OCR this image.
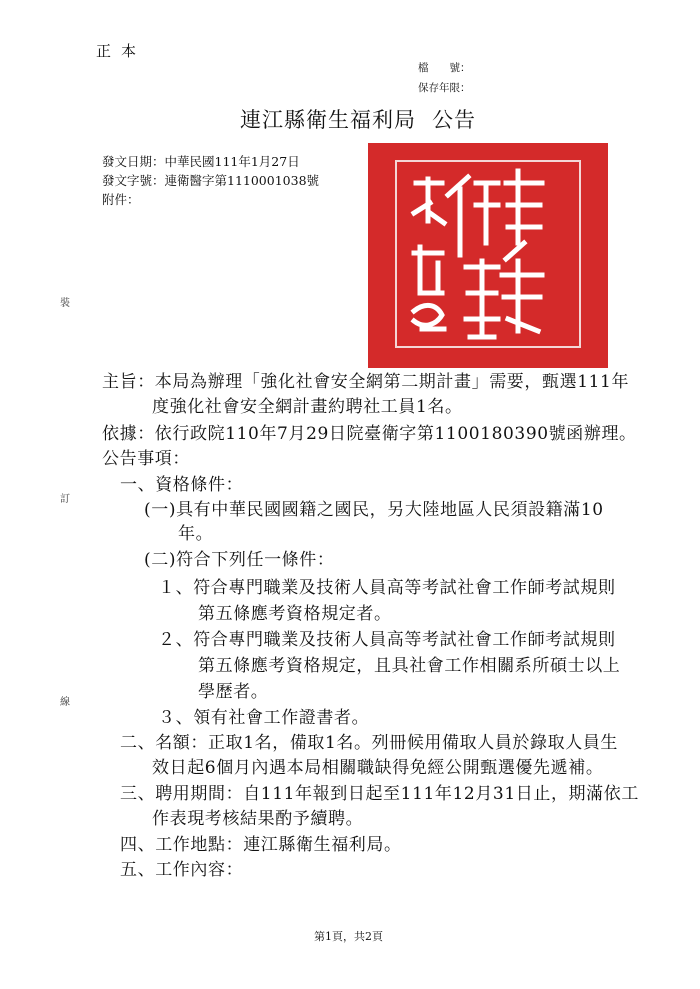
正本
檔　　號：
保存年限：
連江縣衛生福利局 公告
發文日期：中華民國111年1月27日
發文字號：連衛醫字第1110001038號
附件：
裝
訂
線
主旨：本局為辦理「強化社會安全網第二期計畫」需要，甄選111年
度強化社會安全網計畫約聘社工員1名。
依據：依行政院110年7月29日院臺衛字第1100180390號函辦理。
公告事項：
一、資格條件：
(一)具有中華民國國籍之國民，另大陸地區人民須設籍滿10
年。
(二)符合下列任一條件：
１、符合專門職業及技術人員高等考試社會工作師考試規則
第五條應考資格規定者。
２、符合專門職業及技術人員高等考試社會工作師考試規則
第五條應考資格規定，且具社會工作相關系所碩士以上
學歷者。
３、領有社會工作證書者。
二、名額：正取1名，備取1名。列冊候用備取人員於錄取人員生
效日起6個月內遇本局相關職缺得免經公開甄選優先遞補。
三、聘用期間：自111年報到日起至111年12月31日止，期滿依工
作表現考核結果酌予續聘。
四、工作地點：連江縣衛生福利局。
五、工作內容：
第1頁，共2頁
